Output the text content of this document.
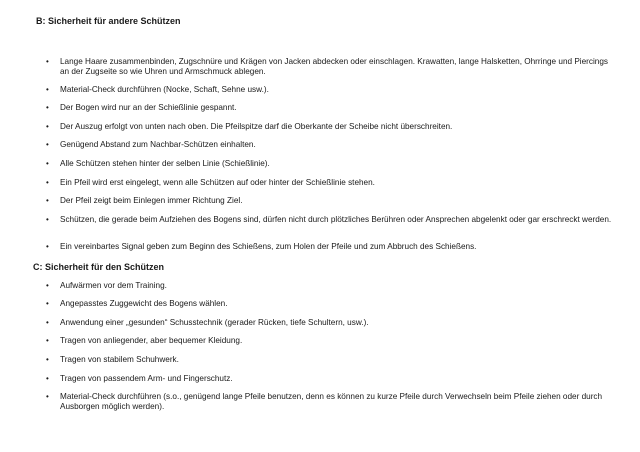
B: Sicherheit für andere Schützen
• Lange Haare zusammenbinden, Zugschnüre und Krägen von Jacken abdecken oder einschlagen. Krawatten, lange Halsketten, Ohrringe und Piercings an der Zugseite so wie Uhren und Armschmuck ablegen.
• Material-Check durchführen (Nocke, Schaft, Sehne usw.).
• Der Bogen wird nur an der Schießlinie gespannt.
• Der Auszug erfolgt von unten nach oben. Die Pfeilspitze darf die Oberkante der Scheibe nicht überschreiten.
• Genügend Abstand zum Nachbar-Schützen einhalten.
• Alle Schützen stehen hinter der selben Linie (Schießlinie).
• Ein Pfeil wird erst eingelegt, wenn alle Schützen auf oder hinter der Schießlinie stehen.
• Der Pfeil zeigt beim Einlegen immer Richtung Ziel.
• Schützen, die gerade beim Aufziehen des Bogens sind, dürfen nicht durch plötzliches Berühren oder Ansprechen abgelenkt oder gar erschreckt werden.
• Ein vereinbartes Signal geben zum Beginn des Schießens, zum Holen der Pfeile und zum Abbruch des Schießens.
C: Sicherheit für den Schützen
• Aufwärmen vor dem Training.
• Angepasstes Zuggewicht des Bogens wählen.
• Anwendung einer „gesunden“ Schusstechnik (gerader Rücken, tiefe Schultern, usw.).
• Tragen von anliegender, aber bequemer Kleidung.
• Tragen von stabilem Schuhwerk.
• Tragen von passendem Arm- und Fingerschutz.
• Material-Check durchführen (s.o., genügend lange Pfeile benutzen, denn es können zu kurze Pfeile durch Verwechseln beim Pfeile ziehen oder durch Ausborgen möglich werden).
